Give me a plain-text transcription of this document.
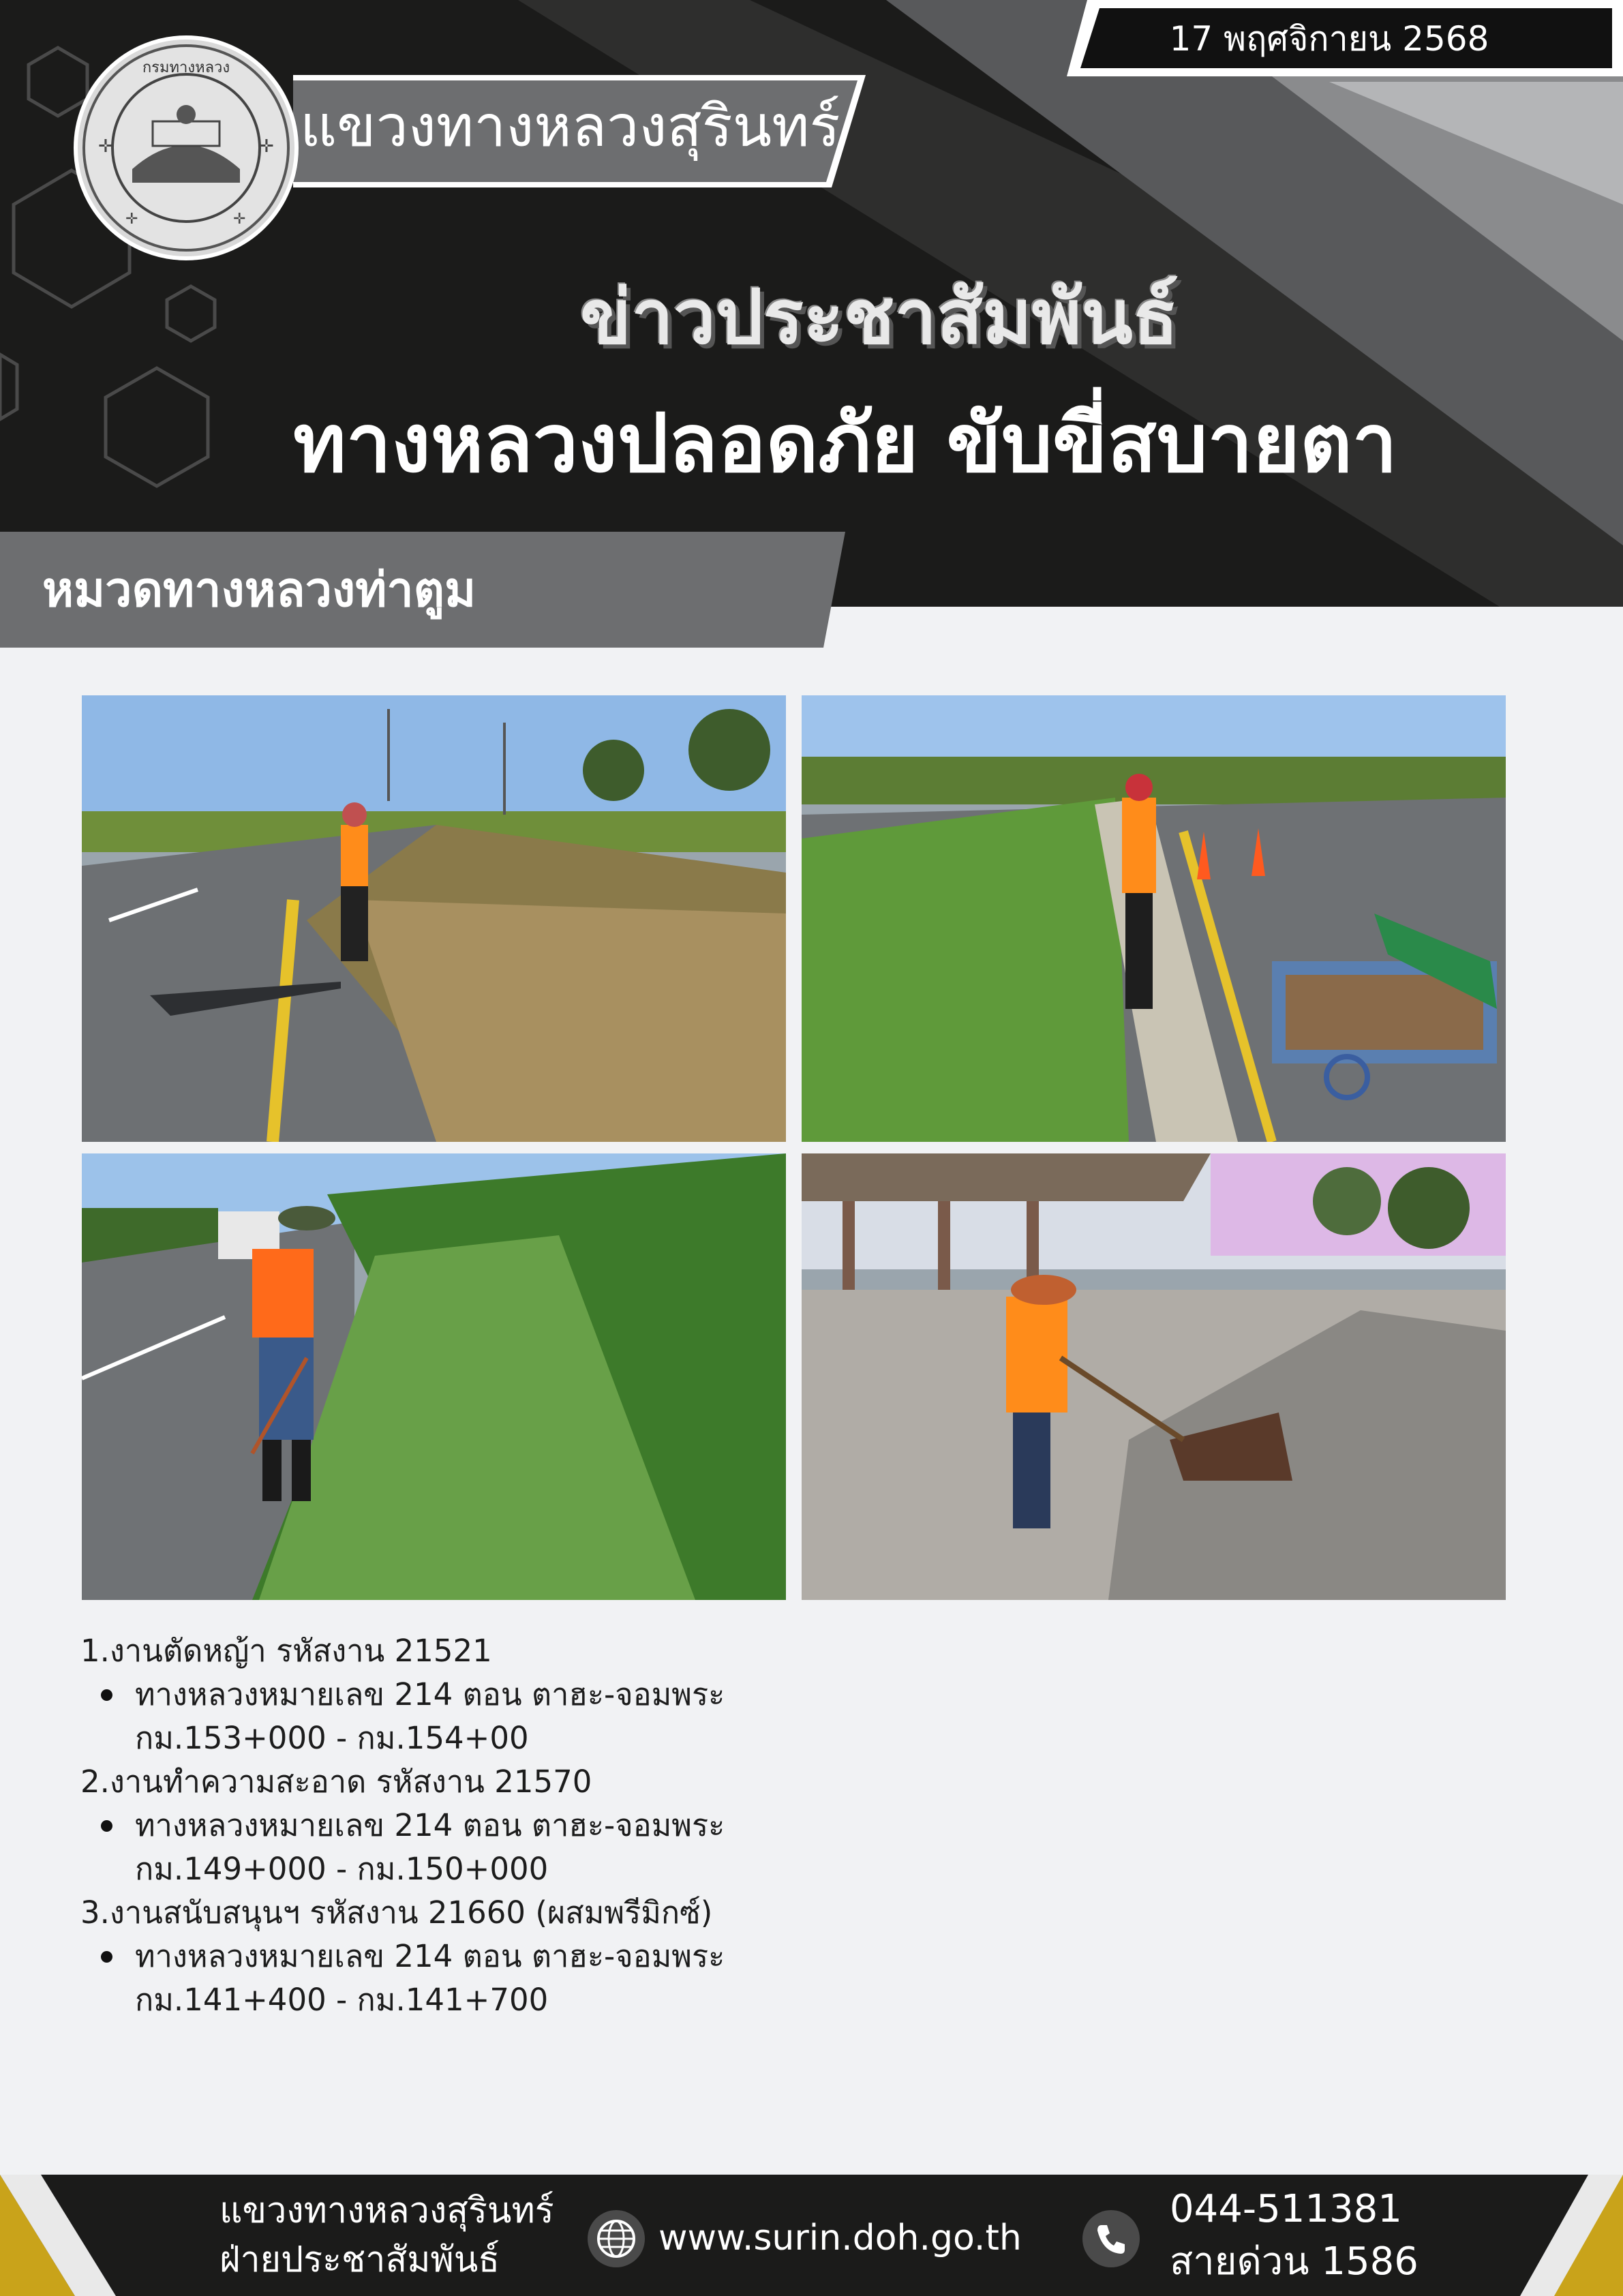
17 พฤศจิกายน 2568
แขวงทางหลวงสุรินทร์
กรมทางหลวง
✛	✛
✛	✛
ข่าวประชาสัมพันธ์
ทางหลวงปลอดภัย ขับขี่สบายตา
หมวดทางหลวงท่าตูม
1.งานตัดหญ้า รหัสงาน 21521
ทางหลวงหมายเลข 214 ตอน ตาฮะ-จอมพระ
กม.153+000 - กม.154+00
2.งานทำความสะอาด รหัสงาน 21570
ทางหลวงหมายเลข 214 ตอน ตาฮะ-จอมพระ
กม.149+000 - กม.150+000
3.งานสนับสนุนฯ รหัสงาน 21660 (ผสมพรีมิกซ์)
ทางหลวงหมายเลข 214 ตอน ตาฮะ-จอมพระ
กม.141+400 - กม.141+700
แขวงทางหลวงสุรินทร์
ฝ่ายประชาสัมพันธ์
www.surin.doh.go.th
044-511381
สายด่วน 1586
